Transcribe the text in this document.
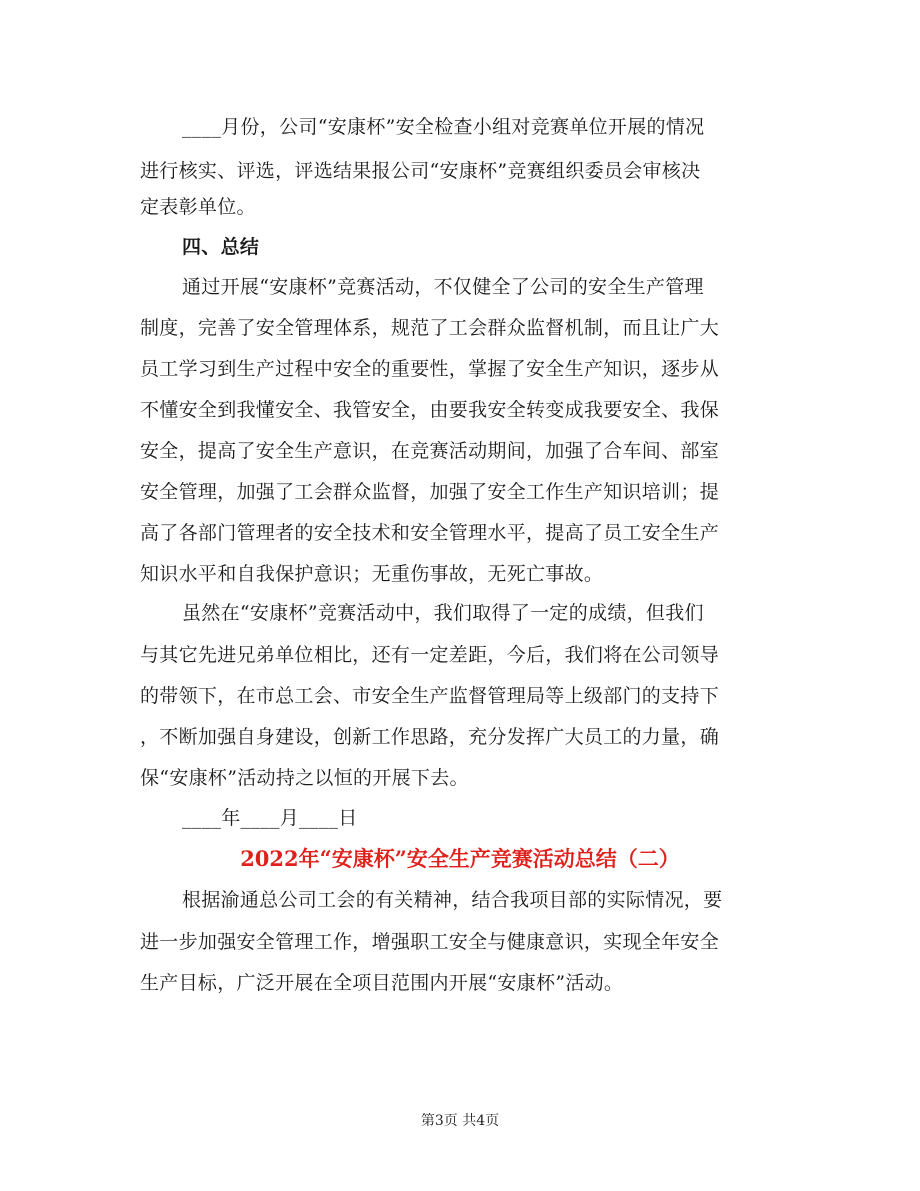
____月份，公司“安康杯”安全检查小组对竞赛单位开展的情况
进行核实、评选，评选结果报公司“安康杯”竞赛组织委员会审核决
定表彰单位。
四、总结
通过开展“安康杯”竞赛活动，不仅健全了公司的安全生产管理
制度，完善了安全管理体系，规范了工会群众监督机制，而且让广大
员工学习到生产过程中安全的重要性，掌握了安全生产知识，逐步从
不懂安全到我懂安全、我管安全，由要我安全转变成我要安全、我保
安全，提高了安全生产意识，在竞赛活动期间，加强了合车间、部室
安全管理，加强了工会群众监督，加强了安全工作生产知识培训；提
高了各部门管理者的安全技术和安全管理水平，提高了员工安全生产
知识水平和自我保护意识；无重伤事故，无死亡事故。
虽然在“安康杯”竞赛活动中，我们取得了一定的成绩，但我们
与其它先进兄弟单位相比，还有一定差距，今后，我们将在公司领导
的带领下，在市总工会、市安全生产监督管理局等上级部门的支持下
，不断加强自身建设，创新工作思路，充分发挥广大员工的力量，确
保“安康杯”活动持之以恒的开展下去。
____年____月____日
2022年“安康杯”安全生产竞赛活动总结（二）
根据渝通总公司工会的有关精神，结合我项目部的实际情况，要
进一步加强安全管理工作，增强职工安全与健康意识，实现全年安全
生产目标，广泛开展在全项目范围内开展“安康杯”活动。
第3页 共4页
